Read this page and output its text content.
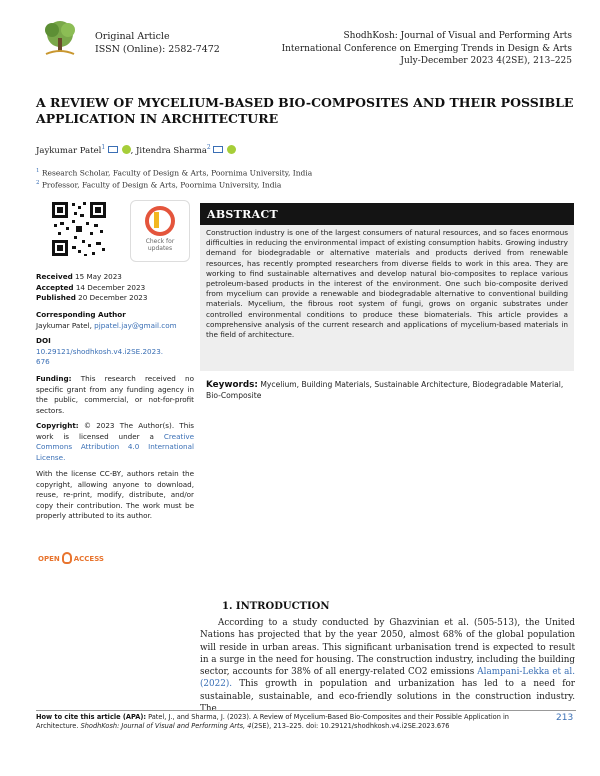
Original Article
ISSN (Online): 2582-7472
ShodhKosh: Journal of Visual and Performing Arts
International Conference on Emerging Trends in Design & Arts
July-December 2023 4(2SE), 213–225
A REVIEW OF MYCELIUM-BASED BIO-COMPOSITES AND THEIR POSSIBLE APPLICATION IN ARCHITECTURE
Jaykumar Patel$^1$	, Jitendra Sharma$^2$
$^1$ Research Scholar, Faculty of Design & Arts, Poornima University, India
$^2$ Professor, Faculty of Design & Arts, Poornima University, India
Check for
updates
Received 15 May 2023
Accepted 14 December 2023
Published 20 December 2023
Corresponding Author
Jaykumar Patel, pjpatel.jay@gmail.com
DOI
10.29121/shodhkosh.v4.i2SE.2023.676
Funding: This research received no specific grant from any funding agency in the public, commercial, or not-for-profit sectors.
Copyright: © 2023 The Author(s). This work is licensed under a Creative Commons Attribution 4.0 International License.
With the license CC-BY, authors retain the copyright, allowing anyone to download, reuse, re-print, modify, distribute, and/or copy their contribution. The work must be properly attributed to its author.
OPEN ACCESS
ABSTRACT
Construction industry is one of the largest consumers of natural resources, and so faces enormous difficulties in reducing the environmental impact of existing consumption habits. Growing industry demand for biodegradable or alternative materials and products derived from renewable resources, has recently prompted researchers from diverse fields to work in this area. They are working to find sustainable alternatives and develop natural bio-composites to replace various petroleum-based products in the interest of the environment. One such bio-composite derived from mycelium can provide a renewable and biodegradable alternative to conventional building materials. Mycelium, the fibrous root system of fungi, grows on organic substrates under controlled environmental conditions to produce these biomaterials. This article provides a comprehensive analysis of the current research and applications of mycelium-based materials in the field of architecture.
Keywords: Mycelium, Building Materials, Sustainable Architecture, Biodegradable Material, Bio-Composite
1. INTRODUCTION
According to a study conducted by Ghazvinian et al. (505-513), the United Nations has projected that by the year 2050, almost 68% of the global population will reside in urban areas. This significant urbanisation trend is expected to result in a surge in the need for housing. The construction industry, including the building sector, accounts for 38% of all energy-related CO2 emissions Alampani-Lekka et al. (2022). This growth in population and urbanization has led to a need for sustainable, sustainable, and eco-friendly solutions in the construction industry.
How to cite this article (APA): Patel, J., and Sharma, J. (2023). A Review of Mycelium-Based Bio-Composites and their Possible Application in Architecture. ShodhKosh: Journal of Visual and Performing Arts, 4(2SE), 213–225. doi: 10.29121/shodhkosh.v4.i2SE.2023.676
213
